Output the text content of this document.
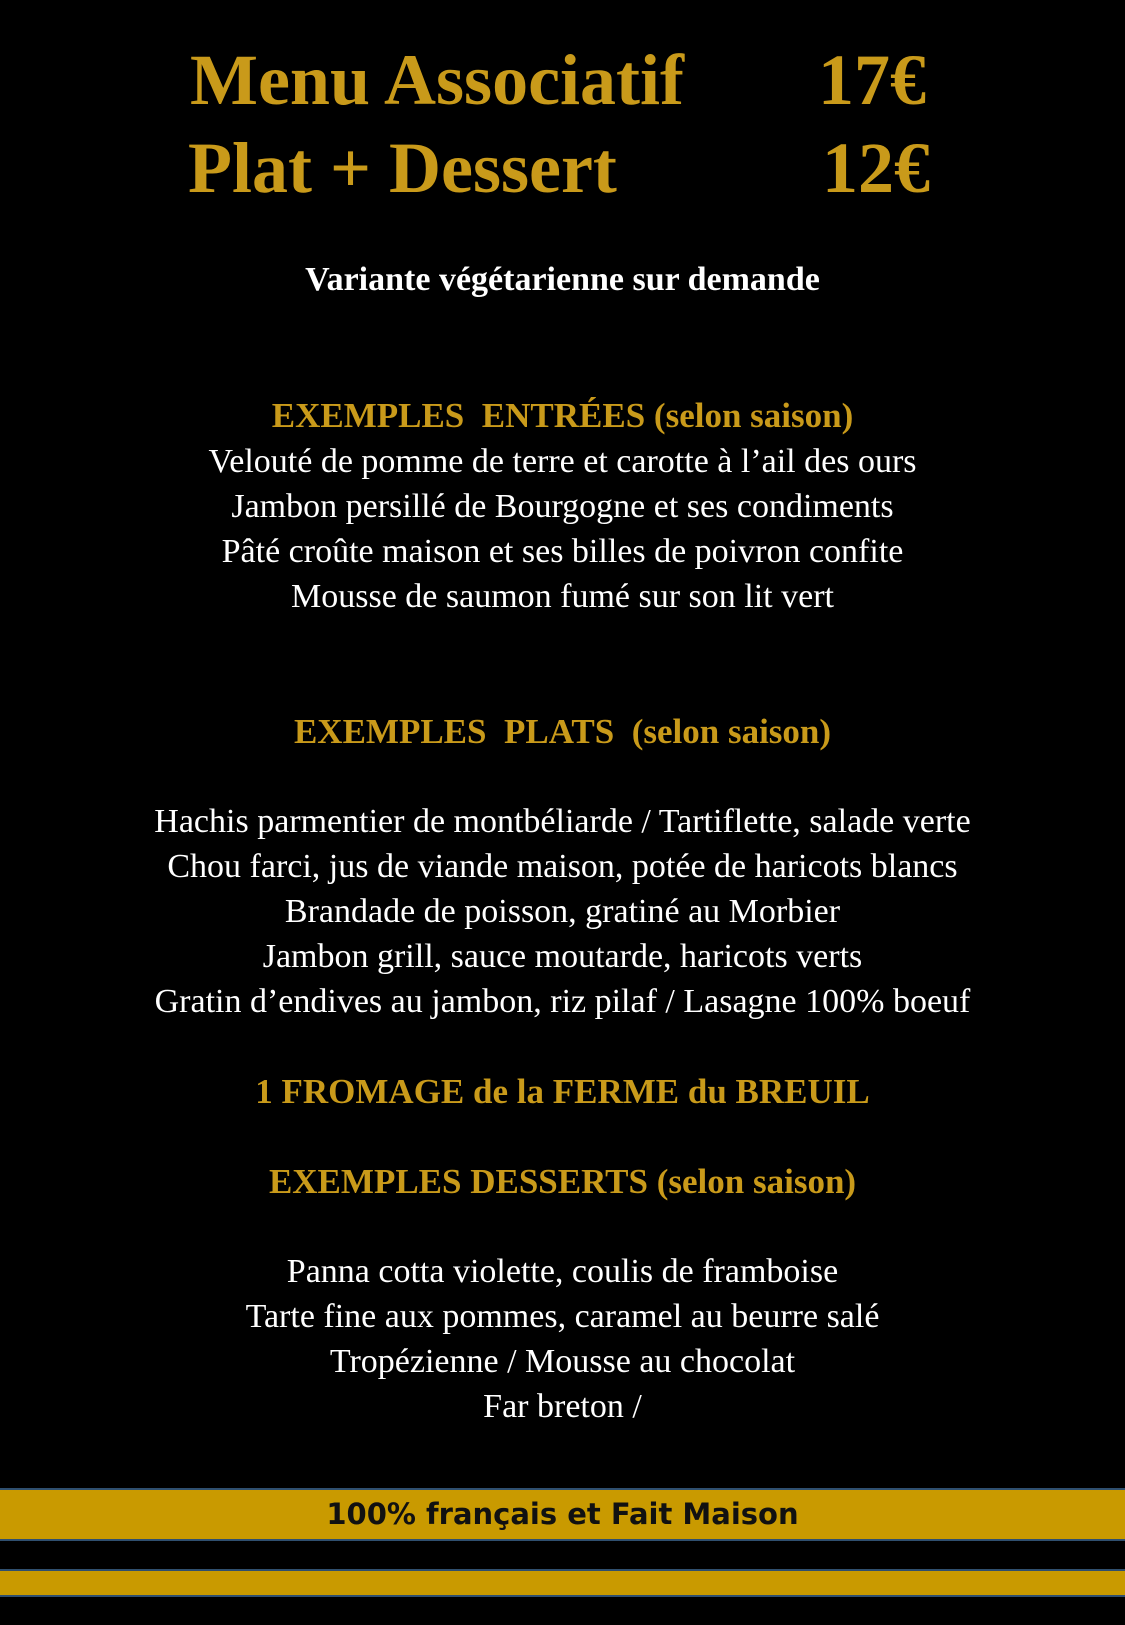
Menu Associatif 17€
Plat + Dessert	12€
Variante végétarienne sur demande
EXEMPLES  ENTRÉES (selon saison)
Velouté de pomme de terre et carotte à l’ail des ours
Jambon persillé de Bourgogne et ses condiments
Pâté croûte maison et ses billes de poivron confite
Mousse de saumon fumé sur son lit vert
EXEMPLES  PLATS  (selon saison)
Hachis parmentier de montbéliarde / Tartiflette, salade verte
Chou farci, jus de viande maison, potée de haricots blancs
Brandade de poisson, gratiné au Morbier
Jambon grill, sauce moutarde, haricots verts
Gratin d’endives au jambon, riz pilaf / Lasagne 100% boeuf
1 FROMAGE de la FERME du BREUIL
EXEMPLES DESSERTS (selon saison)
Panna cotta violette, coulis de framboise
Tarte fine aux pommes, caramel au beurre salé
Tropézienne / Mousse au chocolat
Far breton /
100% français et Fait Maison
